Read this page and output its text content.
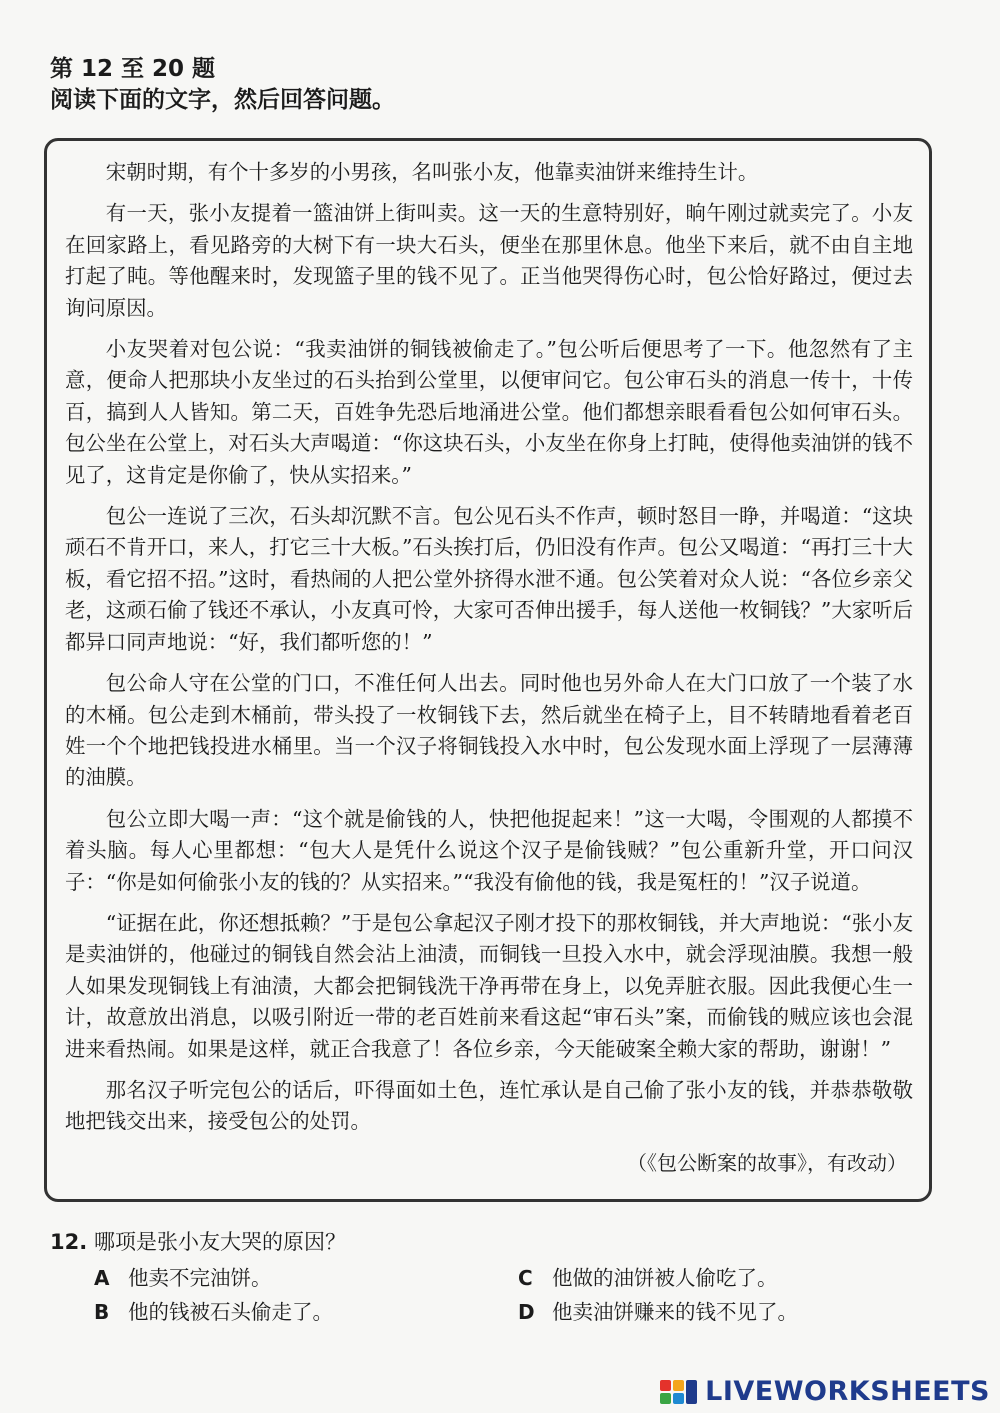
第 12 至 20 题
阅读下面的文字，然后回答问题。

宋朝时期，有个十多岁的小男孩，名叫张小友，他靠卖油饼来维持生计。

有一天，张小友提着一篮油饼上街叫卖。这一天的生意特别好，晌午刚过就卖完了。小友在回家路上，看见路旁的大树下有一块大石头，便坐在那里休息。他坐下来后，就不由自主地打起了盹。等他醒来时，发现篮子里的钱不见了。正当他哭得伤心时，包公恰好路过，便过去询问原因。

小友哭着对包公说：“我卖油饼的铜钱被偷走了。”包公听后便思考了一下。他忽然有了主意，便命人把那块小友坐过的石头抬到公堂里，以便审问它。包公审石头的消息一传十，十传百，搞到人人皆知。第二天，百姓争先恐后地涌进公堂。他们都想亲眼看看包公如何审石头。包公坐在公堂上，对石头大声喝道：“你这块石头，小友坐在你身上打盹，使得他卖油饼的钱不见了，这肯定是你偷了，快从实招来。”

包公一连说了三次，石头却沉默不言。包公见石头不作声，顿时怒目一睁，并喝道：“这块顽石不肯开口，来人，打它三十大板。”石头挨打后，仍旧没有作声。包公又喝道：“再打三十大板，看它招不招。”这时，看热闹的人把公堂外挤得水泄不通。包公笑着对众人说：“各位乡亲父老，这顽石偷了钱还不承认，小友真可怜，大家可否伸出援手，每人送他一枚铜钱？”大家听后都异口同声地说：“好，我们都听您的！”

包公命人守在公堂的门口，不准任何人出去。同时他也另外命人在大门口放了一个装了水的木桶。包公走到木桶前，带头投了一枚铜钱下去，然后就坐在椅子上，目不转睛地看着老百姓一个个地把钱投进水桶里。当一个汉子将铜钱投入水中时，包公发现水面上浮现了一层薄薄的油膜。

包公立即大喝一声：“这个就是偷钱的人，快把他捉起来！”这一大喝，令围观的人都摸不着头脑。每人心里都想：“包大人是凭什么说这个汉子是偷钱贼？”包公重新升堂，开口问汉子：“你是如何偷张小友的钱的？从实招来。”“我没有偷他的钱，我是冤枉的！”汉子说道。

“证据在此，你还想抵赖？”于是包公拿起汉子刚才投下的那枚铜钱，并大声地说：“张小友是卖油饼的，他碰过的铜钱自然会沾上油渍，而铜钱一旦投入水中，就会浮现油膜。我想一般人如果发现铜钱上有油渍，大都会把铜钱洗干净再带在身上，以免弄脏衣服。因此我便心生一计，故意放出消息，以吸引附近一带的老百姓前来看这起“审石头”案，而偷钱的贼应该也会混进来看热闹。如果是这样，就正合我意了！各位乡亲，今天能破案全赖大家的帮助，谢谢！”

那名汉子听完包公的话后，吓得面如土色，连忙承认是自己偷了张小友的钱，并恭恭敬敬地把钱交出来，接受包公的处罚。

（《包公断案的故事》，有改动）
12. 哪项是张小友大哭的原因？
A 他卖不完油饼。	C 他做的油饼被人偷吃了。
B 他的钱被石头偷走了。	D 他卖油饼赚来的钱不见了。
LIVEWORKSHEETS
